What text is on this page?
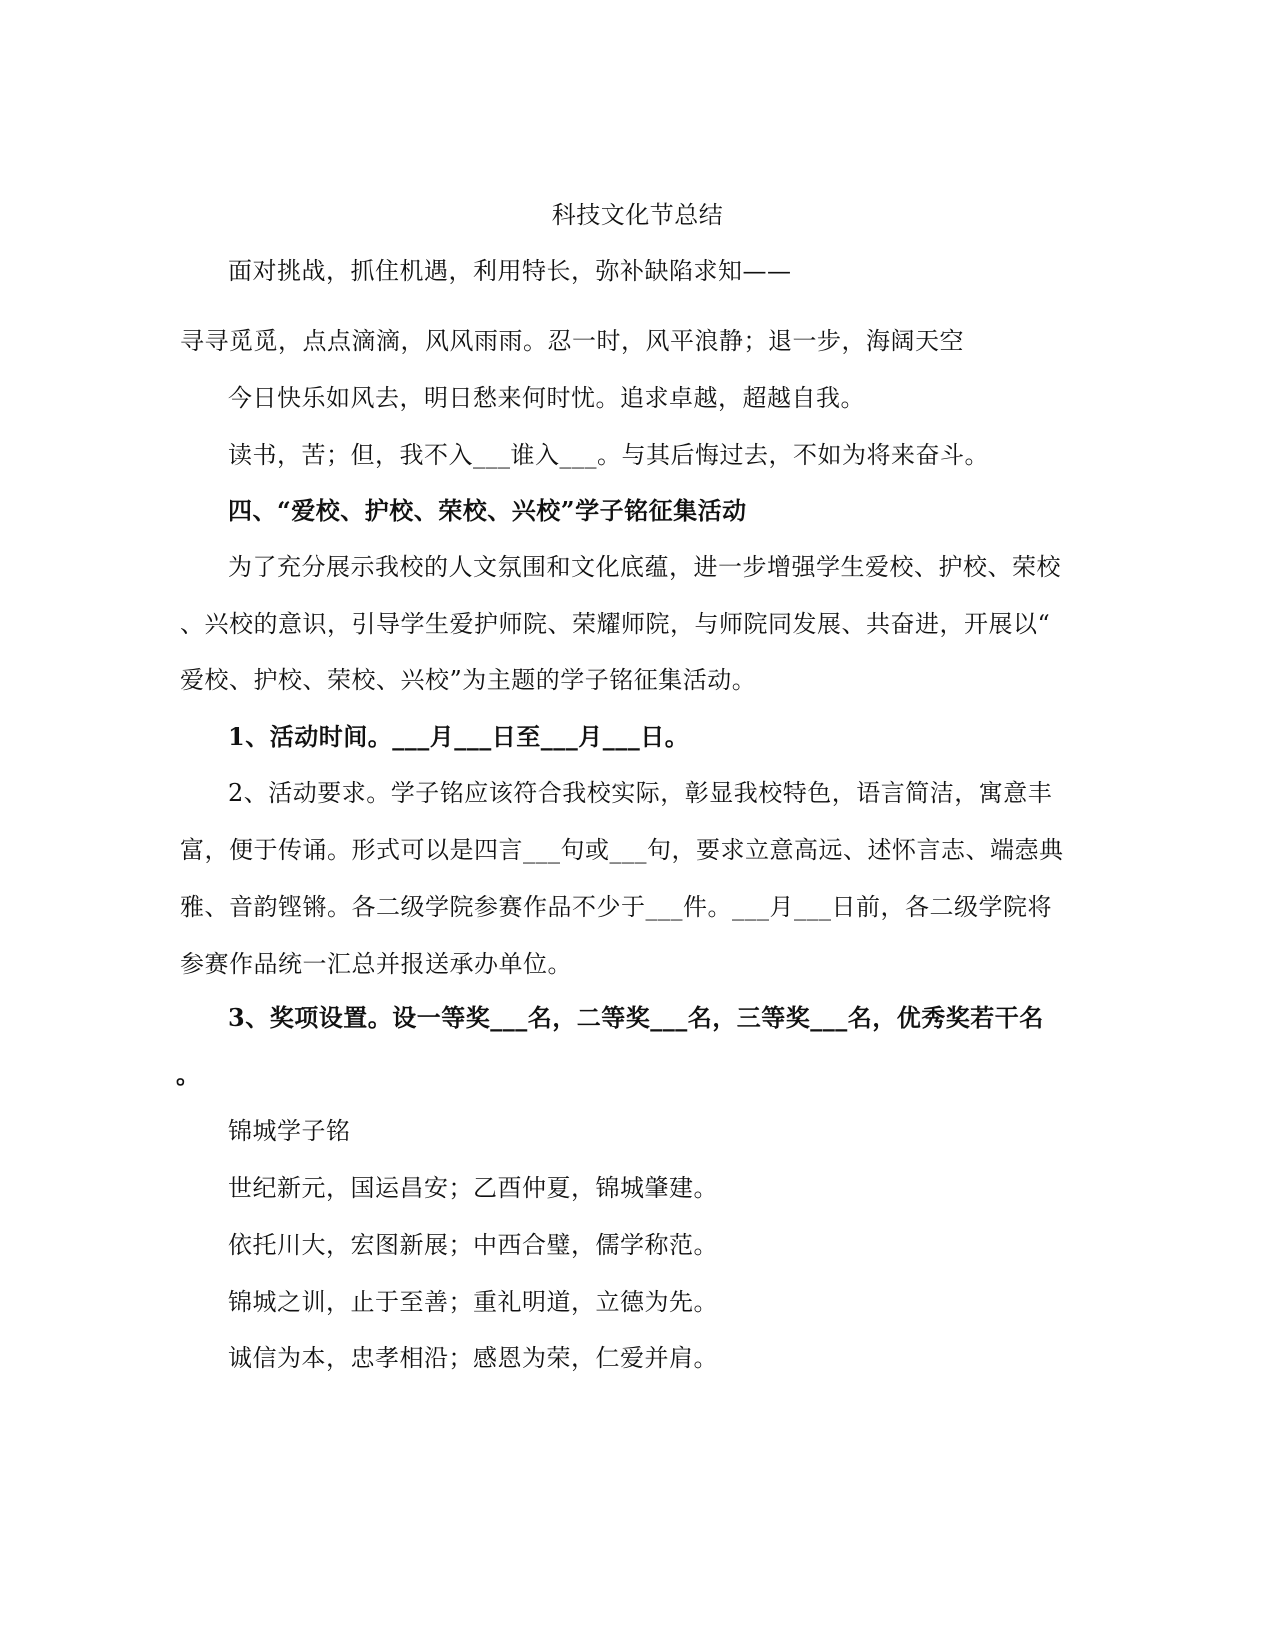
科技文化节总结
面对挑战，抓住机遇，利用特长，弥补缺陷求知——
寻寻觅觅，点点滴滴，风风雨雨。忍一时，风平浪静；退一步，海阔天空
今日快乐如风去，明日愁来何时忧。追求卓越，超越自我。
读书，苦；但，我不入___谁入___。与其后悔过去，不如为将来奋斗。
四、“爱校、护校、荣校、兴校”学子铭征集活动
为了充分展示我校的人文氛围和文化底蕴，进一步增强学生爱校、护校、荣校
、兴校的意识，引导学生爱护师院、荣耀师院，与师院同发展、共奋进，开展以“
爱校、护校、荣校、兴校”为主题的学子铭征集活动。
1、活动时间。___月___日至___月___日。
2、活动要求。学子铭应该符合我校实际，彰显我校特色，语言简洁，寓意丰
富，便于传诵。形式可以是四言___句或___句，要求立意高远、述怀言志、端悫典
雅、音韵铿锵。各二级学院参赛作品不少于___件。___月___日前，各二级学院将
参赛作品统一汇总并报送承办单位。
3、奖项设置。设一等奖___名，二等奖___名，三等奖___名，优秀奖若干名
。
锦城学子铭
世纪新元，国运昌安；乙酉仲夏，锦城肇建。
依托川大，宏图新展；中西合璧，儒学称范。
锦城之训，止于至善；重礼明道，立德为先。
诚信为本，忠孝相沿；感恩为荣，仁爱并肩。
